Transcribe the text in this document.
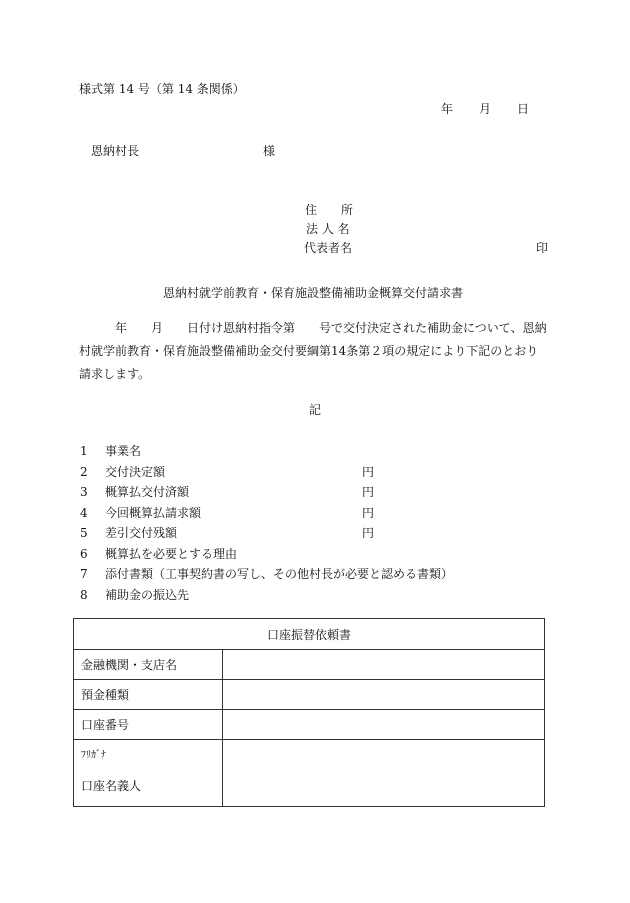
様式第 14 号（第 14 条関係）
年 月 日
恩納村長	様
住　　所
法 人 名
代表者名	印
恩納村就学前教育・保育施設整備補助金概算交付請求書
年 月 日付け恩納村指令第 号で交付決定された補助金について、恩納村就学前教育・保育施設整備補助金交付要綱第14条第２項の規定により下記のとおり請求します。
記
1 事業名
2 交付決定額	円
3 概算払交付済額	円
4 今回概算払請求額	円
5 差引交付残額	円
6 概算払を必要とする理由
7 添付書類（工事契約書の写し、その他村長が必要と認める書類）
8 補助金の振込先
口座振替依頼書	
金融機関・支店名	
預金種類	
口座番号	

ﾌﾘｶﾞﾅ
口座名義人	
